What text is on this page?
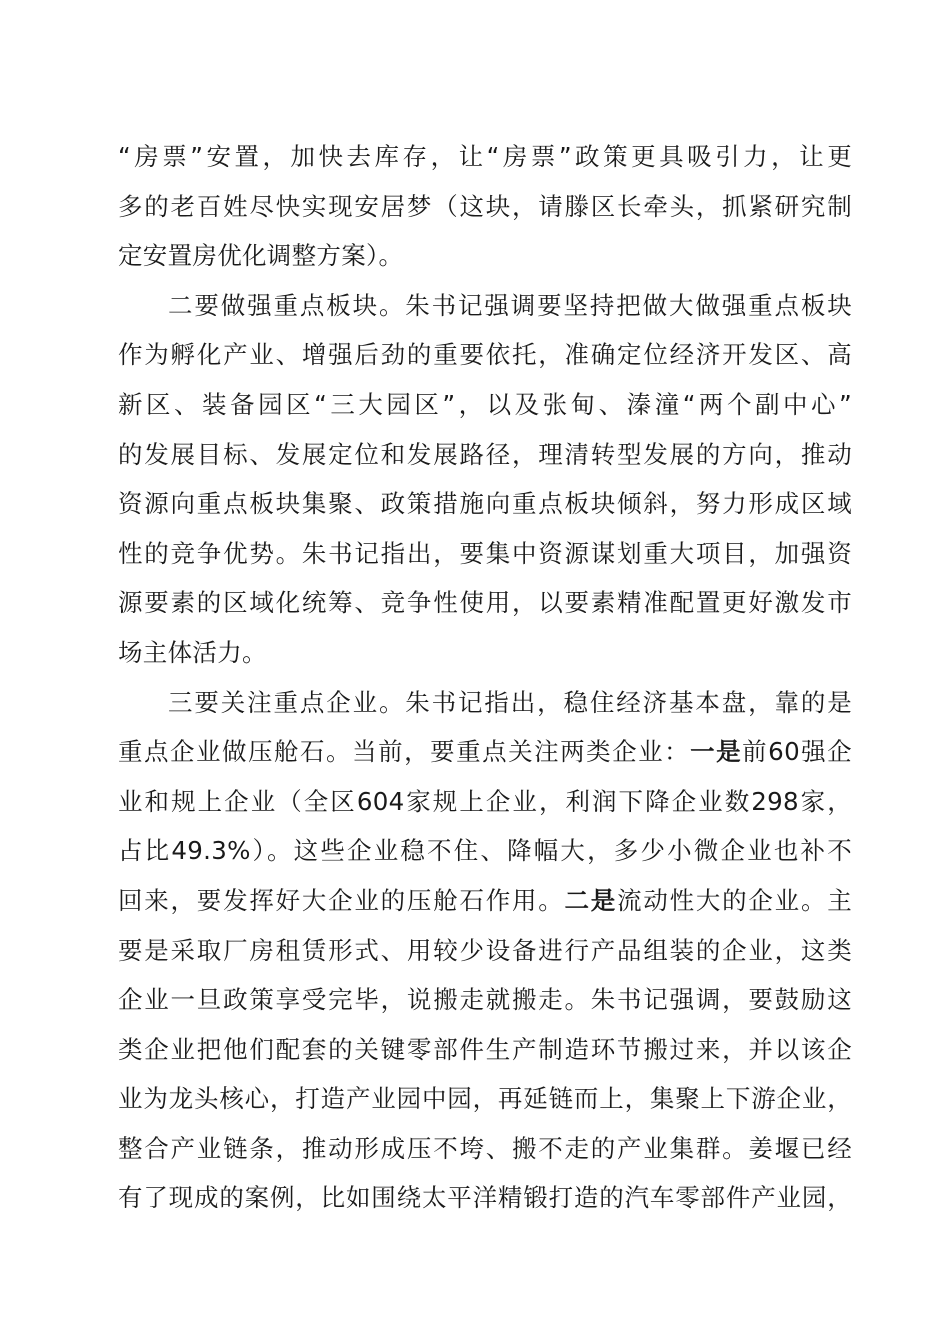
“房票”安置，加快去库存，让“房票”政策更具吸引力，让更
多的老百姓尽快实现安居梦（这块，请滕区长牵头，抓紧研究制
定安置房优化调整方案）。
二要做强重点板块。朱书记强调要坚持把做大做强重点板块
作为孵化产业、增强后劲的重要依托，准确定位经济开发区、高
新区、装备园区“三大园区”，以及张甸、溱潼“两个副中心”
的发展目标、发展定位和发展路径，理清转型发展的方向，推动
资源向重点板块集聚、政策措施向重点板块倾斜，努力形成区域
性的竞争优势。朱书记指出，要集中资源谋划重大项目，加强资
源要素的区域化统筹、竞争性使用，以要素精准配置更好激发市
场主体活力。
三要关注重点企业。朱书记指出，稳住经济基本盘，靠的是
重点企业做压舱石。当前，要重点关注两类企业：一是前60强企
业和规上企业（全区604家规上企业，利润下降企业数298家，
占比49.3%）。这些企业稳不住、降幅大，多少小微企业也补不
回来，要发挥好大企业的压舱石作用。二是流动性大的企业。主
要是采取厂房租赁形式、用较少设备进行产品组装的企业，这类
企业一旦政策享受完毕，说搬走就搬走。朱书记强调，要鼓励这
类企业把他们配套的关键零部件生产制造环节搬过来，并以该企
业为龙头核心，打造产业园中园，再延链而上，集聚上下游企业，
整合产业链条，推动形成压不垮、搬不走的产业集群。姜堰已经
有了现成的案例，比如围绕太平洋精锻打造的汽车零部件产业园，
